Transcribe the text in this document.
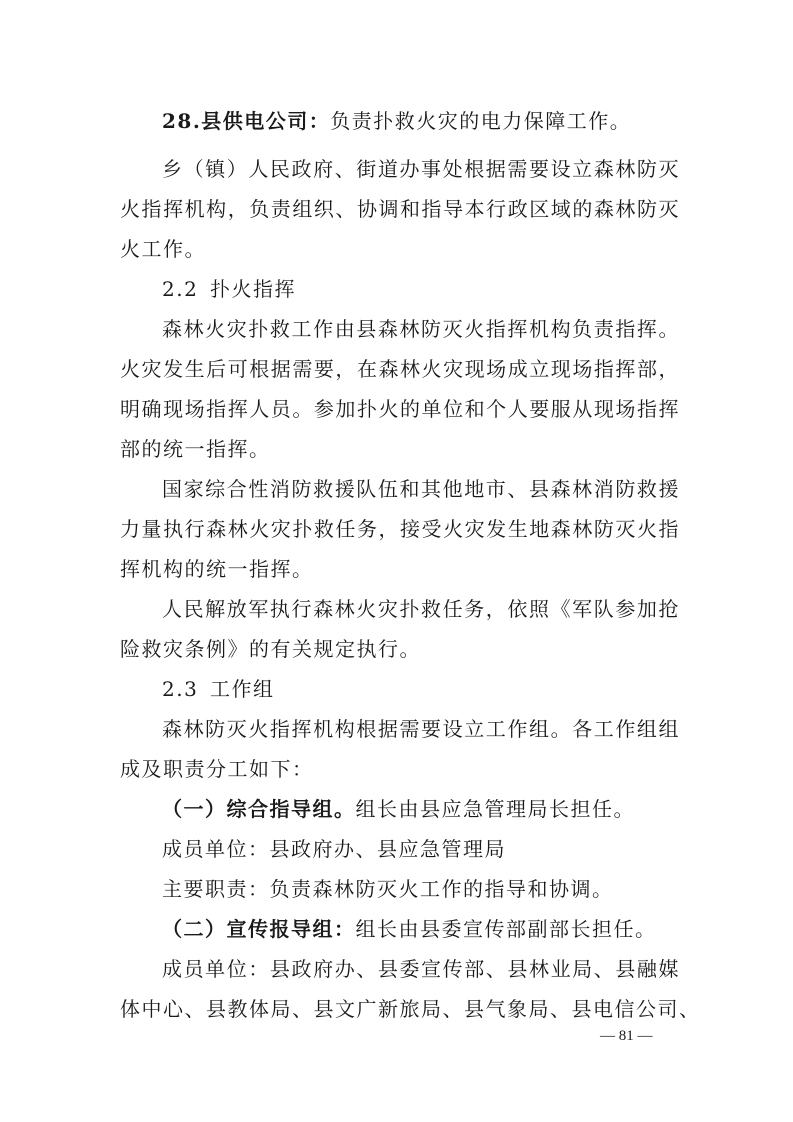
28.县供电公司：负责扑救火灾的电力保障工作。
乡（镇）人民政府、街道办事处根据需要设立森林防灭
火指挥机构，负责组织、协调和指导本行政区域的森林防灭
火工作。
2.2 扑火指挥
森林火灾扑救工作由县森林防灭火指挥机构负责指挥。
火灾发生后可根据需要，在森林火灾现场成立现场指挥部，
明确现场指挥人员。参加扑火的单位和个人要服从现场指挥
部的统一指挥。
国家综合性消防救援队伍和其他地市、县森林消防救援
力量执行森林火灾扑救任务，接受火灾发生地森林防灭火指
挥机构的统一指挥。
人民解放军执行森林火灾扑救任务，依照《军队参加抢
险救灾条例》的有关规定执行。
2.3 工作组
森林防灭火指挥机构根据需要设立工作组。各工作组组
成及职责分工如下：
（一）综合指导组。组长由县应急管理局长担任。
成员单位：县政府办、县应急管理局
主要职责：负责森林防灭火工作的指导和协调。
（二）宣传报导组：组长由县委宣传部副部长担任。
成员单位：县政府办、县委宣传部、县林业局、县融媒
体中心、县教体局、县文广新旅局、县气象局、县电信公司、
— 81 —
